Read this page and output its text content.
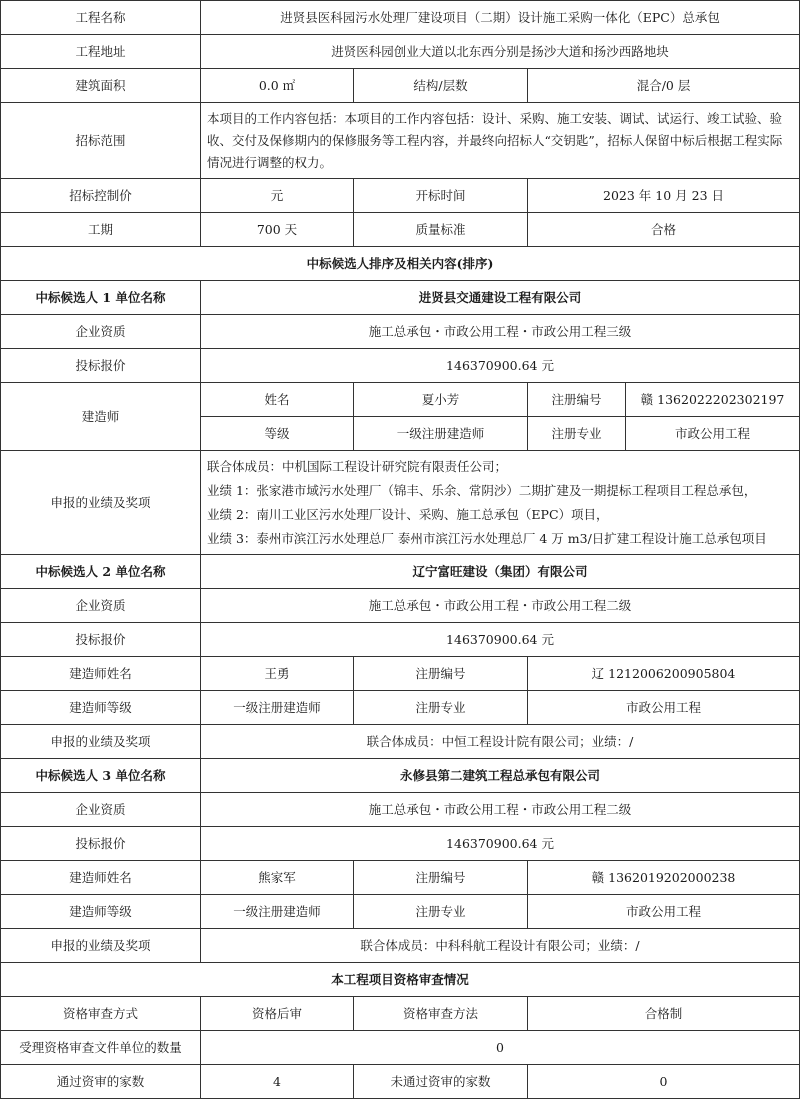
工程名称	进贤县医科园污水处理厂建设项目（二期）设计施工采购一体化（EPC）总承包			
工程地址	进贤医科园创业大道以北东西分别是扬沙大道和扬沙西路地块			
建筑面积	0.0 ㎡	结构/层数	混合/0 层	
招标范围	本项目的工作内容包括：本项目的工作内容包括：设计、采购、施工安装、调试、试运行、竣工试验、验收、交付及保修期内的保修服务等工程内容，并最终向招标人“交钥匙”，招标人保留中标后根据工程实际情况进行调整的权力。			
招标控制价	元	开标时间	2023 年 10 月 23 日	
工期	700 天	质量标准	合格	
中标候选人排序及相关内容(排序)				
中标候选人 1 单位名称	进贤县交通建设工程有限公司			
企业资质	施工总承包・市政公用工程・市政公用工程三级			
投标报价	146370900.64 元			
建造师	姓名	夏小芳	注册编号	赣 1362022202302197
	等级	一级注册建造师	注册专业	市政公用工程
申报的业绩及奖项	联合体成员：中机国际工程设计研究院有限责任公司；
业绩 1：张家港市域污水处理厂（锦丰、乐余、常阴沙）二期扩建及一期提标工程项目工程总承包，
业绩 2：南川工业区污水处理厂设计、采购、施工总承包（EPC）项目，
业绩 3：泰州市滨江污水处理总厂 泰州市滨江污水处理总厂 4 万 m3/日扩建工程设计施工总承包项目			

中标候选人 2 单位名称	辽宁富旺建设（集团）有限公司			
企业资质	施工总承包・市政公用工程・市政公用工程二级			
投标报价	146370900.64 元			
建造师姓名	王勇	注册编号	辽 1212006200905804	
建造师等级	一级注册建造师	注册专业	市政公用工程	
申报的业绩及奖项	联合体成员：中恒工程设计院有限公司；业绩：/			
中标候选人 3 单位名称	永修县第二建筑工程总承包有限公司			
企业资质	施工总承包・市政公用工程・市政公用工程二级			
投标报价	146370900.64 元			
建造师姓名	熊家军	注册编号	赣 1362019202000238	
建造师等级	一级注册建造师	注册专业	市政公用工程	
申报的业绩及奖项	联合体成员：中科科航工程设计有限公司；业绩：/			
本工程项目资格审查情况				
资格审查方式	资格后审	资格审查方法	合格制	
受理资格审查文件单位的数量	0			
通过资审的家数	4	未通过资审的家数	0	
